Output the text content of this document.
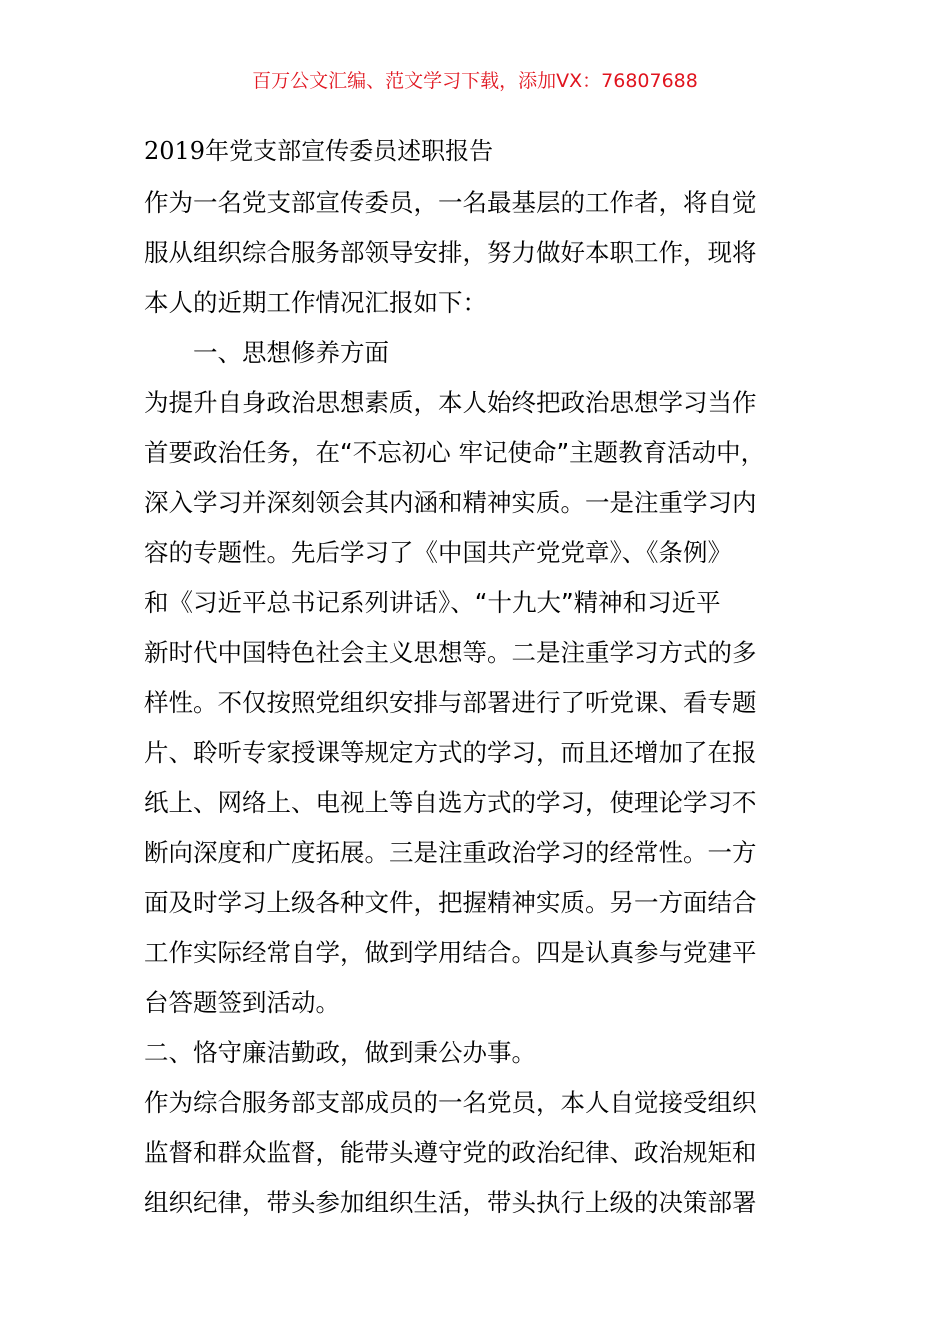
百万公文汇编、范文学习下载，添加VX：76807688

2019年党支部宣传委员述职报告

作为一名党支部宣传委员，一名最基层的工作者，将自觉

服从组织综合服务部领导安排，努力做好本职工作，现将

本人的近期工作情况汇报如下：

一、思想修养方面

为提升自身政治思想素质，本人始终把政治思想学习当作

首要政治任务，在“不忘初心 牢记使命”主题教育活动中，

深入学习并深刻领会其内涵和精神实质。一是注重学习内

容的专题性。先后学习了《中国共产党党章》、《条例》

和《习近平总书记系列讲话》、“十九大”精神和习近平

新时代中国特色社会主义思想等。二是注重学习方式的多

样性。不仅按照党组织安排与部署进行了听党课、看专题

片、聆听专家授课等规定方式的学习，而且还增加了在报

纸上、网络上、电视上等自选方式的学习，使理论学习不

断向深度和广度拓展。三是注重政治学习的经常性。一方

面及时学习上级各种文件，把握精神实质。另一方面结合

工作实际经常自学，做到学用结合。四是认真参与党建平

台答题签到活动。

二、恪守廉洁勤政，做到秉公办事。

作为综合服务部支部成员的一名党员，本人自觉接受组织

监督和群众监督，能带头遵守党的政治纪律、政治规矩和

组织纪律，带头参加组织生活，带头执行上级的决策部署
